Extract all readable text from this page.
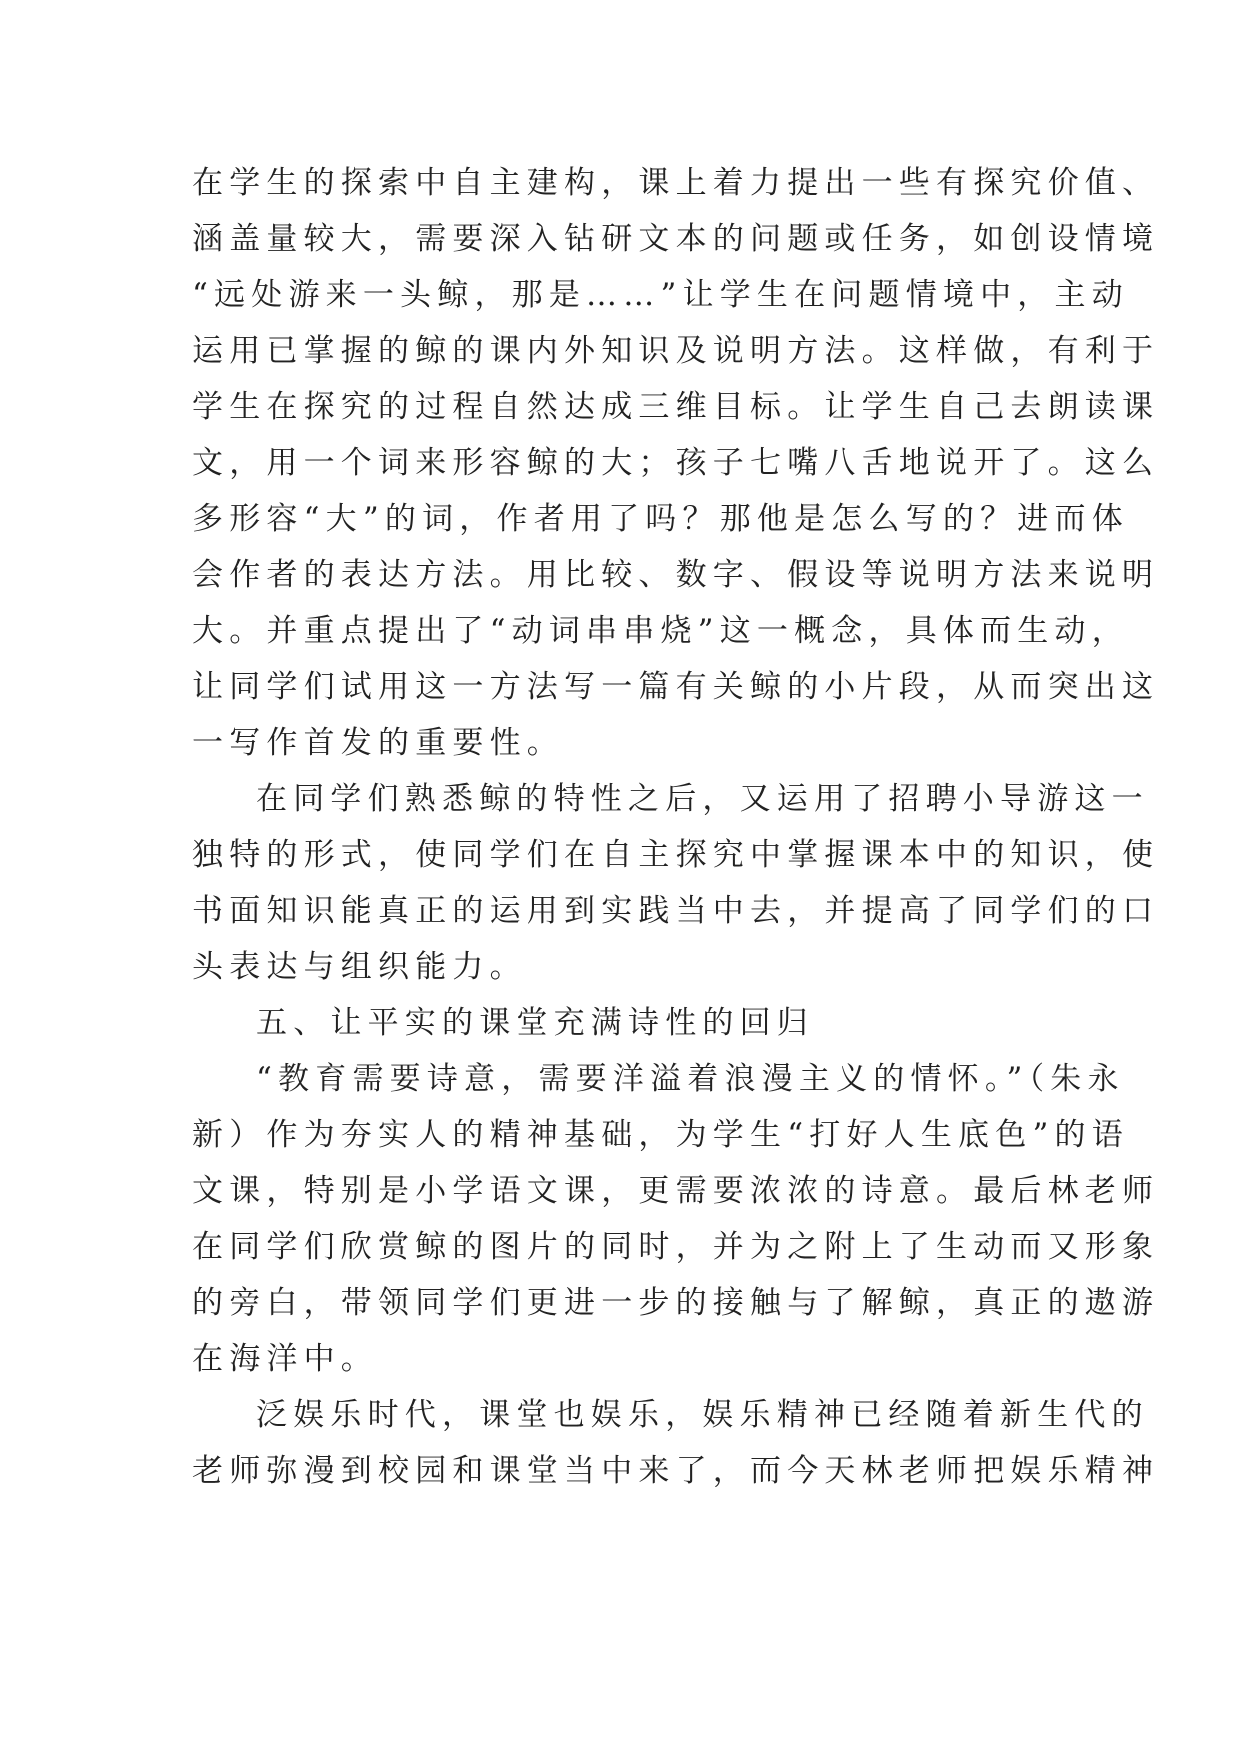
在学生的探索中自主建构，课上着力提出一些有探究价值、
涵盖量较大，需要深入钻研文本的问题或任务，如创设情境
“远处游来一头鲸，那是……”让学生在问题情境中，主动
运用已掌握的鲸的课内外知识及说明方法。这样做，有利于
学生在探究的过程自然达成三维目标。让学生自己去朗读课
文，用一个词来形容鲸的大；孩子七嘴八舌地说开了。这么
多形容“大”的词，作者用了吗？那他是怎么写的？进而体
会作者的表达方法。用比较、数字、假设等说明方法来说明
大。并重点提出了“动词串串烧”这一概念，具体而生动，
让同学们试用这一方法写一篇有关鲸的小片段，从而突出这
一写作首发的重要性。
在同学们熟悉鲸的特性之后，又运用了招聘小导游这一
独特的形式，使同学们在自主探究中掌握课本中的知识，使
书面知识能真正的运用到实践当中去，并提高了同学们的口
头表达与组织能力。
五、让平实的课堂充满诗性的回归
“教育需要诗意，需要洋溢着浪漫主义的情怀。”（朱永
新）作为夯实人的精神基础，为学生“打好人生底色”的语
文课，特别是小学语文课，更需要浓浓的诗意。最后林老师
在同学们欣赏鲸的图片的同时，并为之附上了生动而又形象
的旁白，带领同学们更进一步的接触与了解鲸，真正的遨游
在海洋中。
泛娱乐时代，课堂也娱乐，娱乐精神已经随着新生代的
老师弥漫到校园和课堂当中来了，而今天林老师把娱乐精神
